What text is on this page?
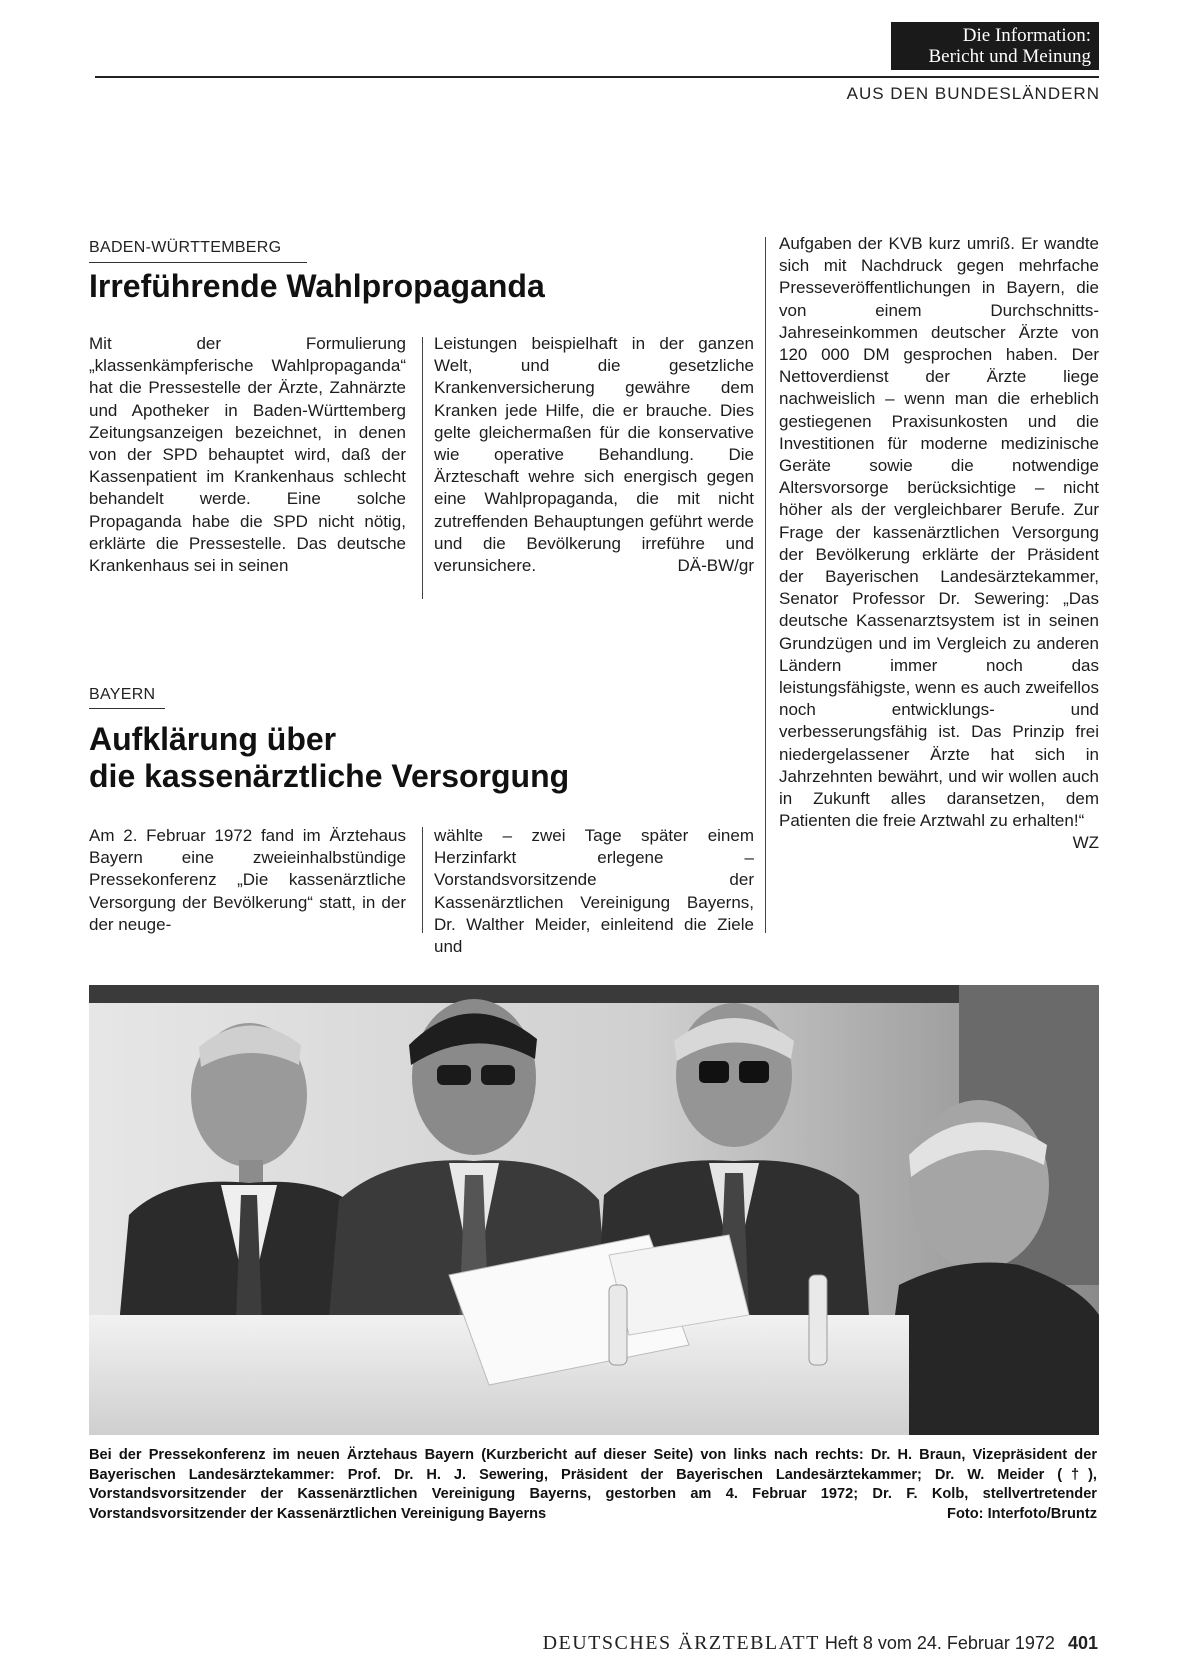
Die Information:
Bericht und Meinung
AUS DEN BUNDESLÄNDERN
BADEN-WÜRTTEMBERG
Irreführende Wahlpropaganda
Mit der Formulierung „klassenkämpferische Wahlpropaganda“ hat die Pressestelle der Ärzte, Zahnärzte und Apotheker in Baden-Württemberg Zeitungsanzeigen bezeichnet, in denen von der SPD behauptet wird, daß der Kassenpatient im Krankenhaus schlecht behandelt werde. Eine solche Propaganda habe die SPD nicht nötig, erklärte die Pressestelle. Das deutsche Krankenhaus sei in seinen
Leistungen beispielhaft in der ganzen Welt, und die gesetzliche Krankenversicherung gewähre dem Kranken jede Hilfe, die er brauche. Dies gelte gleichermaßen für die konservative wie operative Behandlung. Die Ärzteschaft wehre sich energisch gegen eine Wahlpropaganda, die mit nicht zutreffenden Behauptungen geführt werde und die Bevölkerung irreführe und verunsichere.	DÄ-BW/gr
BAYERN
Aufklärung über
die kassenärztliche Versorgung
Am 2. Februar 1972 fand im Ärztehaus Bayern eine zweieinhalbstündige Pressekonferenz „Die kassenärztliche Versorgung der Bevölkerung“ statt, in der der neuge-
wählte – zwei Tage später einem Herzinfarkt erlegene – Vorstandsvorsitzende der Kassenärztlichen Vereinigung Bayerns, Dr. Walther Meider, einleitend die Ziele und
Aufgaben der KVB kurz umriß. Er wandte sich mit Nachdruck gegen mehrfache Presseveröffentlichungen in Bayern, die von einem Durchschnitts-Jahreseinkommen deutscher Ärzte von 120 000 DM gesprochen haben. Der Nettoverdienst der Ärzte liege nachweislich – wenn man die erheblich gestiegenen Praxisunkosten und die Investitionen für moderne medizinische Geräte sowie die notwendige Altersvorsorge berücksichtige – nicht höher als der vergleichbarer Berufe. Zur Frage der kassenärztlichen Versorgung der Bevölkerung erklärte der Präsident der Bayerischen Landesärztekammer, Senator Professor Dr. Sewering: „Das deutsche Kassenarztsystem ist in seinen Grundzügen und im Vergleich zu anderen Ländern immer noch das leistungsfähigste, wenn es auch zweifellos noch entwicklungs- und verbesserungsfähig ist. Das Prinzip frei niedergelassener Ärzte hat sich in Jahrzehnten bewährt, und wir wollen auch in Zukunft alles daransetzen, dem Patienten die freie Arztwahl zu erhalten!“
WZ
Bei der Pressekonferenz im neuen Ärztehaus Bayern (Kurzbericht auf dieser Seite) von links nach rechts: Dr. H. Braun, Vizepräsident der Bayerischen Landesärztekammer: Prof. Dr. H. J. Sewering, Präsident der Bayerischen Landesärztekammer; Dr. W. Meider (†), Vorstandsvorsitzender der Kassenärztlichen Vereinigung Bayerns, gestorben am 4. Februar 1972; Dr. F. Kolb, stellvertretender Vorstandsvorsitzender der Kassenärztlichen Vereinigung Bayerns	Foto: Interfoto/Bruntz
DEUTSCHES ÄRZTEBLATT Heft 8 vom 24. Februar 1972 401
